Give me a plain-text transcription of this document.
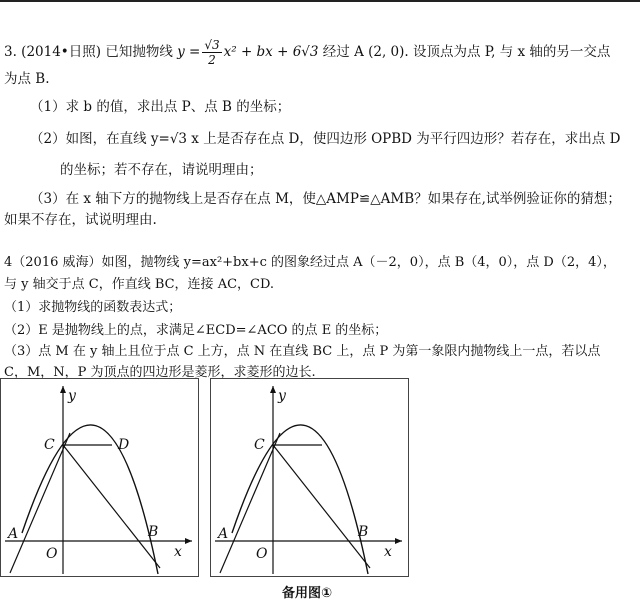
3. (2014•日照) 已知抛物线 $y = \frac{√3}{2} x^2$ + bx + 6√3 经过 A (2, 0). 设顶点为点 P, 与 x 轴的另一交点
为点 B.
（1）求 b 的值，求出点 P、点 B 的坐标；
（2）如图，在直线 y=√3 x 上是否存在点 D，使四边形 OPBD 为平行四边形？若存在，求出点 D
的坐标；若不存在，请说明理由；
（3）在 x 轴下方的抛物线上是否存在点 M，使△AMP≌△AMB？如果存在,试举例验证你的猜想；
如果不存在，试说明理由.
4（2016 威海）如图，抛物线 y=ax²+bx+c 的图象经过点 A（－2，0），点 B（4，0），点 D（2，4），
与 y 轴交于点 C，作直线 BC，连接 AC，CD.
（1）求抛物线的函数表达式；
（2）E 是抛物线上的点，求满足∠ECD=∠ACO 的点 E 的坐标；
（3）点 M 在 y 轴上且位于点 C 上方，点 N 在直线 BC 上，点 P 为第一象限内抛物线上一点，若以点
C，M，N，P 为顶点的四边形是菱形，求菱形的边长.
x
y
C	D
A	B
O	x
y
C
A	B
O
备用图①
